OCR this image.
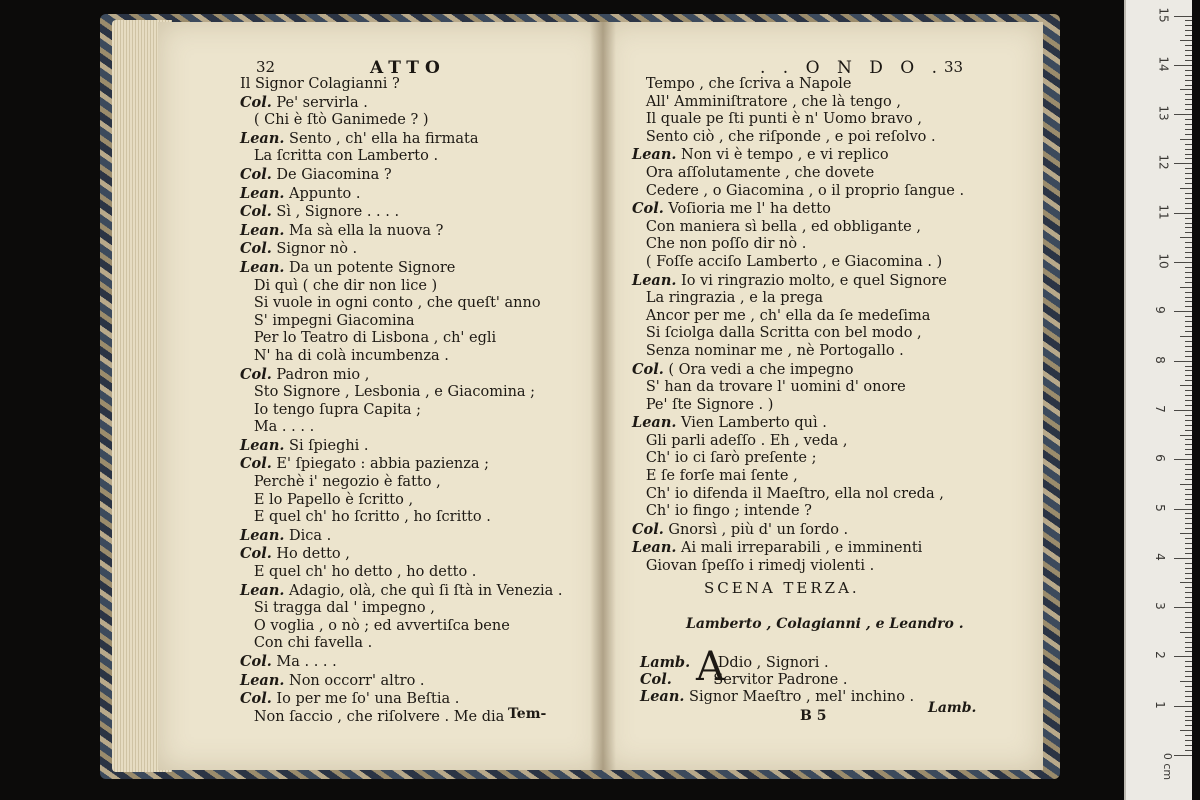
32	ATTO
Il Signor Colagianni ?
Col. Pe' servirla .
( Chi è ſtò Ganimede ? )
Lean. Sento , ch' ella ha firmata
La ſcritta con Lamberto .
Col. De Giacomina ?
Lean. Appunto .
Col. Sì , Signore . . . .
Lean. Ma sà ella la nuova ?
Col. Signor nò .
Lean. Da un potente Signore
Di quì ( che dir non lice )
Si vuole in ogni conto , che queſt' anno
S' impegni Giacomina
Per lo Teatro di Lisbona , ch' egli
N' ha di colà incumbenza .
Col. Padron mio ,
Sto Signore , Lesbonia , e Giacomina ;
Io tengo ſupra Capita ;
Ma . . . .
Lean. Si ſpieghi .
Col. E' ſpiegato : abbia pazienza ;
Perchè i' negozio è fatto ,
E lo Papello è ſcritto ,
E quel ch' ho ſcritto , ho ſcritto .
Lean. Dica .
Col. Ho detto ,
E quel ch' ho detto , ho detto .
Lean. Adagio, olà, che quì ſi ſtà in Venezia .
Si tragga dal ' impegno ,
O voglia , o nò ; ed avvertiſca bene
Con chi favella .
Col. Ma . . . .
Lean. Non occorr' altro .
Col. Io per me ſo' una Beſtia .
Non ſaccio , che riſolvere . Me dia Tem-
. . O N D O . 33
Tempo , che ſcriva a Napole
All' Amminiſtratore , che là tengo ,
Il quale pe ſti punti è n' Uomo bravo ,
Sento ciò , che riſponde , e poi reſolvo .
Lean. Non vi è tempo , e vi replico
Ora aſſolutamente , che dovete
Cedere , o Giacomina , o il proprio ſangue .
Col. Voſioria me l' ha detto
Con maniera sì bella , ed obbligante ,
Che non poſſo dir nò .
( Foſſe acciſo Lamberto , e Giacomina . )
Lean. Io vi ringrazio molto, e quel Signore
La ringrazia , e la prega
Ancor per me , ch' ella da ſe medeſima
Si ſciolga dalla Scritta con bel modo ,
Senza nominar me , nè Portogallo .
Col. ( Ora vedi a che impegno
S' han da trovare l' uomini d' onore
Pe' ſte Signore . )
Lean. Vien Lamberto quì .
Gli parli adeſſo . Eh , veda ,
Ch' io ci ſarò preſente ;
E ſe forſe mai ſente ,
Ch' io difenda il Maeſtro, ella nol creda ,
Ch' io fingo ; intende ?
Col. Gnorsì , più d' un ſordo .
Lean. Ai mali irreparabili , e imminenti
Giovan ſpeſſo i rimedj violenti .
SCENA TERZA.
Lamberto , Colagianni , e Leandro .
A
Lamb. Ddio , Signori .
Col.	Servitor Padrone .
Lean. Signor Maeſtro , mel' inchino .
B 5	Lamb.
0 cm
1
2
3
4
5
6
7
8
9
10
11
12
13
14
15
